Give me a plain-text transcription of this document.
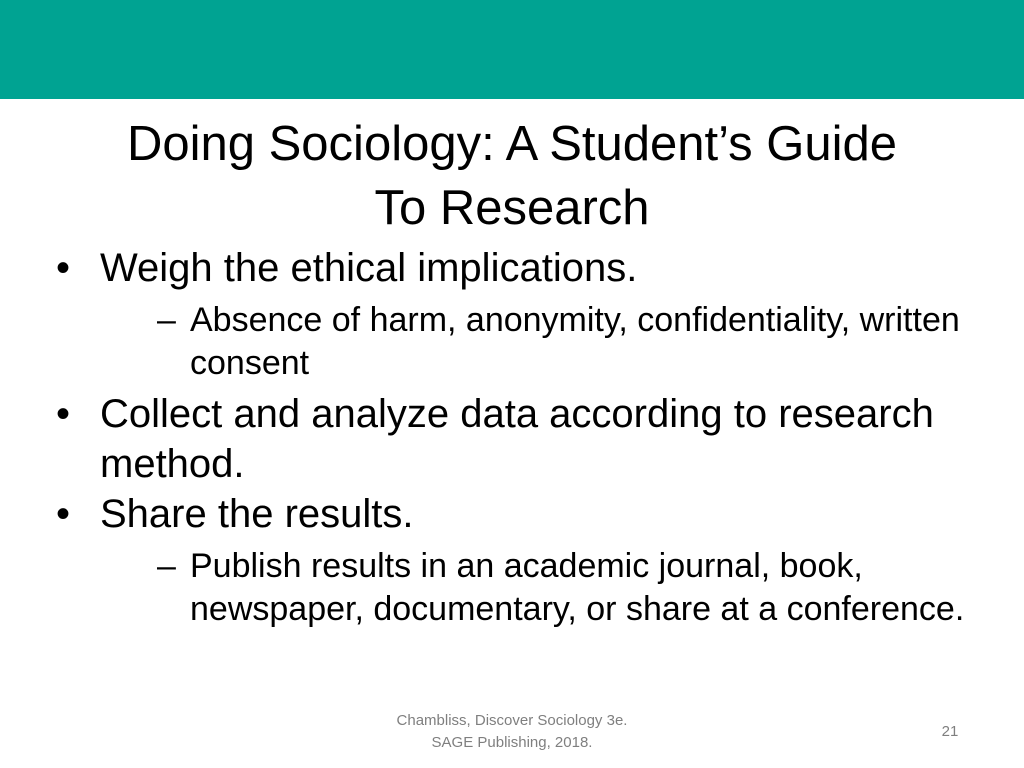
Doing Sociology: A Student’s Guide
To Research
• Weigh the ethical implications.
– Absence of harm, anonymity, confidentiality, written consent
• Collect and analyze data according to research method.
• Share the results.
– Publish results in an academic journal, book, newspaper, documentary, or share at a conference.
Chambliss, Discover Sociology 3e.
SAGE Publishing, 2018.
21
